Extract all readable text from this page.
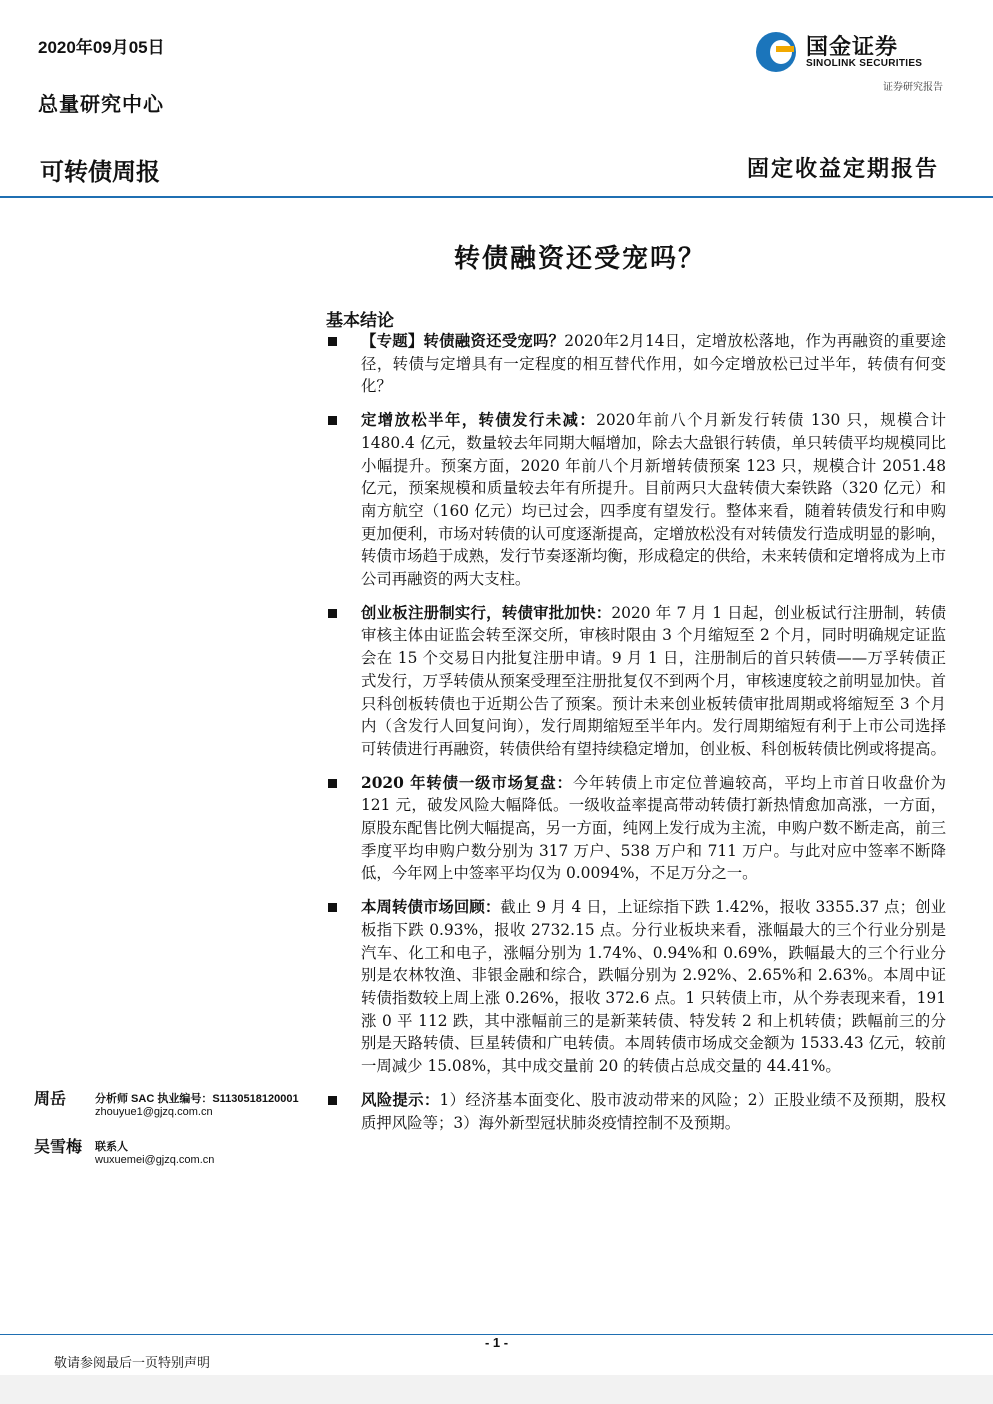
2020年09月05日
总量研究中心
可转债周报	固定收益定期报告
国金证券
SINOLINK SECURITIES
证券研究报告
转债融资还受宠吗？
基本结论
【专题】转债融资还受宠吗？2020年2月14日，定增放松落地，作为再融资的重要途径，转债与定增具有一定程度的相互替代作用，如今定增放松已过半年，转债有何变化？
定增放松半年，转债发行未减：2020年前八个月新发行转债 130 只，规模合计 1480.4 亿元，数量较去年同期大幅增加，除去大盘银行转债，单只转债平均规模同比小幅提升。预案方面，2020 年前八个月新增转债预案 123 只，规模合计 2051.48 亿元，预案规模和质量较去年有所提升。目前两只大盘转债大秦铁路（320 亿元）和南方航空（160 亿元）均已过会，四季度有望发行。整体来看，随着转债发行和申购更加便利，市场对转债的认可度逐渐提高，定增放松没有对转债发行造成明显的影响，转债市场趋于成熟，发行节奏逐渐均衡，形成稳定的供给，未来转债和定增将成为上市公司再融资的两大支柱。
创业板注册制实行，转债审批加快：2020 年 7 月 1 日起，创业板试行注册制，转债审核主体由证监会转至深交所，审核时限由 3 个月缩短至 2 个月，同时明确规定证监会在 15 个交易日内批复注册申请。9 月 1 日，注册制后的首只转债——万孚转债正式发行，万孚转债从预案受理至注册批复仅不到两个月，审核速度较之前明显加快。首只科创板转债也于近期公告了预案。预计未来创业板转债审批周期或将缩短至 3 个月内（含发行人回复问询），发行周期缩短至半年内。发行周期缩短有利于上市公司选择可转债进行再融资，转债供给有望持续稳定增加，创业板、科创板转债比例或将提高。
2020 年转债一级市场复盘：今年转债上市定位普遍较高，平均上市首日收盘价为 121 元，破发风险大幅降低。一级收益率提高带动转债打新热情愈加高涨，一方面，原股东配售比例大幅提高，另一方面，纯网上发行成为主流，申购户数不断走高，前三季度平均申购户数分别为 317 万户、538 万户和 711 万户。与此对应中签率不断降低，今年网上中签率平均仅为 0.0094%，不足万分之一。
本周转债市场回顾：截止 9 月 4 日，上证综指下跌 1.42%，报收 3355.37 点；创业板指下跌 0.93%，报收 2732.15 点。分行业板块来看，涨幅最大的三个行业分别是汽车、化工和电子，涨幅分别为 1.74%、0.94%和 0.69%，跌幅最大的三个行业分别是农林牧渔、非银金融和综合，跌幅分别为 2.92%、2.65%和 2.63%。本周中证转债指数较上周上涨 0.26%，报收 372.6 点。1 只转债上市，从个券表现来看，191 涨 0 平 112 跌，其中涨幅前三的是新莱转债、特发转 2 和上机转债；跌幅前三的分别是天路转债、巨星转债和广电转债。本周转债市场成交金额为 1533.43 亿元，较前一周减少 15.08%，其中成交量前 20 的转债占总成交量的 44.41%。
风险提示：1）经济基本面变化、股市波动带来的风险；2）正股业绩不及预期，股权质押风险等；3）海外新型冠状肺炎疫情控制不及预期。
周岳	分析师 SAC 执业编号：S1130518120001
zhouyue1@gjzq.com.cn
吴雪梅 联系人
wuxuemei@gjzq.com.cn
- 1 -
敬请参阅最后一页特别声明
